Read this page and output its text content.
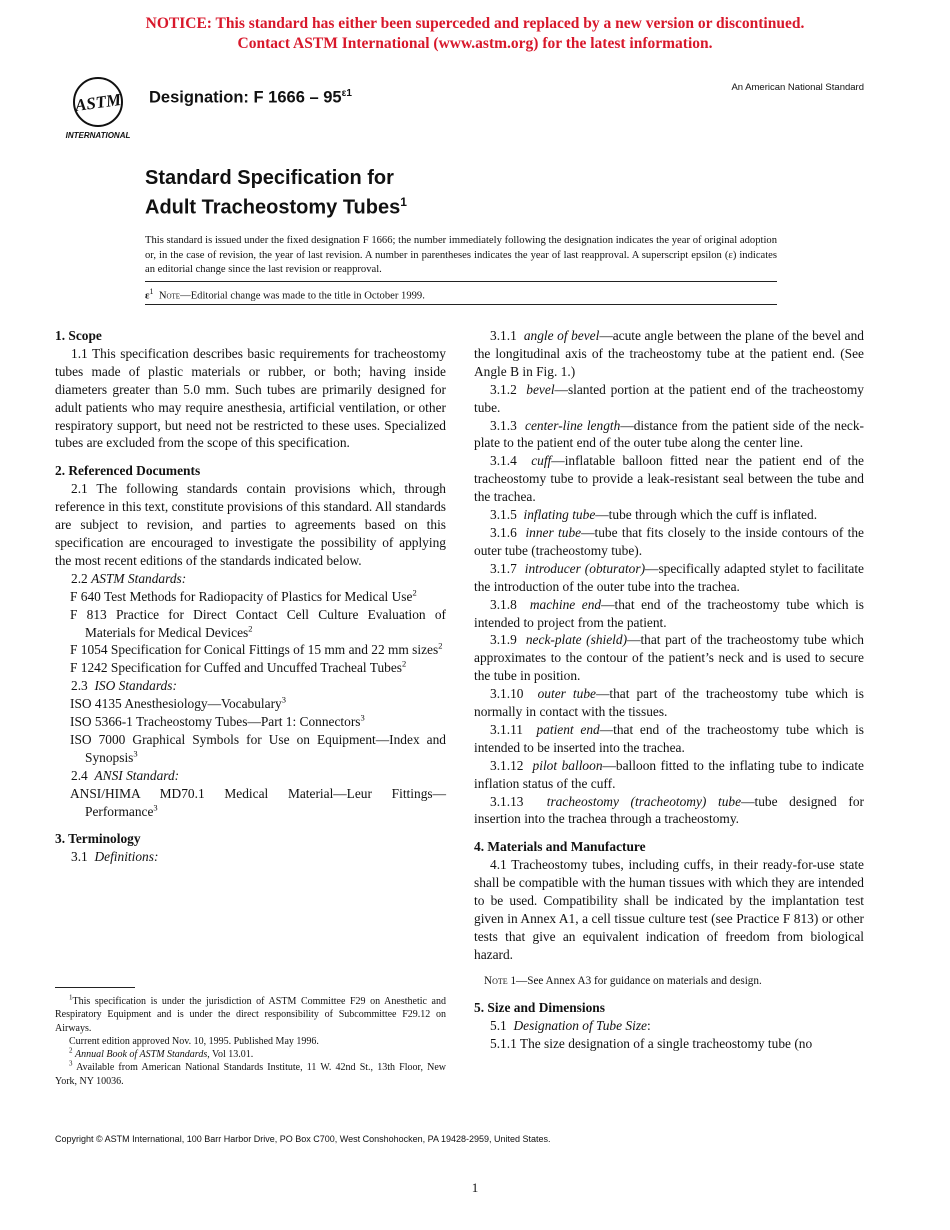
NOTICE: This standard has either been superceded and replaced by a new version or discontinued.
Contact ASTM International (www.astm.org) for the latest information.
ASTM
INTERNATIONAL
Designation: F $1666 - 95^{\varepsilon 1}$
An American National Standard
Standard Specification for
Adult Tracheostomy Tubes$^1$
This standard is issued under the fixed designation F 1666; the number immediately following the designation indicates the year of original adoption or, in the case of revision, the year of last revision. A number in parentheses indicates the year of last reapproval. A superscript epsilon (ε) indicates an editorial change since the last revision or reapproval.
$\varepsilon^1$ Note—Editorial change was made to the title in October 1999.
1. Scope

1.1 This specification describes basic requirements for tracheostomy tubes made of plastic materials or rubber, or both; having inside diameters greater than 5.0 mm. Such tubes are primarily designed for adult patients who may require anesthesia, artificial ventilation, or other respiratory support, but need not be restricted to these uses. Specialized tubes are excluded from the scope of this specification.

2. Referenced Documents

2.1 The following standards contain provisions which, through reference in this text, constitute provisions of this standard. All standards are subject to revision, and parties to agreements based on this specification are encouraged to investigate the possibility of applying the most recent editions of the standards indicated below.

2.2 ASTM Standards:

F 640 Test Methods for Radiopacity of Plastics for Medical Use$^2$

F 813 Practice for Direct Contact Cell Culture Evaluation of Materials for Medical Devices$^2$

F 1054 Specification for Conical Fittings of 15 mm and 22 mm sizes$^2$

F 1242 Specification for Cuffed and Uncuffed Tracheal Tubes$^2$

2.3 ISO Standards:

ISO 4135 Anesthesiology—Vocabulary$^3$

ISO 5366-1 Tracheostomy Tubes—Part 1: Connectors$^3$

ISO 7000 Graphical Symbols for Use on Equipment—Index and Synopsis$^3$

2.4 ANSI Standard:

ANSI/HIMA MD70.1 Medical Material—Leur Fittings—Performance$^3$

3. Terminology

3.1 Definitions:

$^1$This specification is under the jurisdiction of ASTM Committee F29 on Anesthetic and Respiratory Equipment and is under the direct responsibility of Subcommittee F29.12 on Airways.

Current edition approved Nov. 10, 1995. Published May 1996.

$^2$ Annual Book of ASTM Standards, Vol 13.01.

$^3$ Available from American National Standards Institute, 11 W. 42nd St., 13th Floor, New York, NY 10036.

3.1.1 angle of bevel—acute angle between the plane of the bevel and the longitudinal axis of the tracheostomy tube at the patient end. (See Angle B in Fig. 1.)

3.1.2 bevel—slanted portion at the patient end of the tracheostomy tube.

3.1.3 center-line length—distance from the patient side of the neck-plate to the patient end of the outer tube along the center line.

3.1.4 cuff—inflatable balloon fitted near the patient end of the tracheostomy tube to provide a leak-resistant seal between the tube and the trachea.

3.1.5 inflating tube—tube through which the cuff is inflated.

3.1.6 inner tube—tube that fits closely to the inside contours of the outer tube (tracheostomy tube).

3.1.7 introducer (obturator)—specifically adapted stylet to facilitate the introduction of the outer tube into the trachea.

3.1.8 machine end—that end of the tracheostomy tube which is intended to project from the patient.

3.1.9 neck-plate (shield)—that part of the tracheostomy tube which approximates to the contour of the patient’s neck and is used to secure the tube in position.

3.1.10 outer tube—that part of the tracheostomy tube which is normally in contact with the tissues.

3.1.11 patient end—that end of the tracheostomy tube which is intended to be inserted into the trachea.

3.1.12 pilot balloon—balloon fitted to the inflating tube to indicate inflation status of the cuff.

3.1.13 tracheostomy (tracheotomy) tube—tube designed for insertion into the trachea through a tracheostomy.

4. Materials and Manufacture

4.1 Tracheostomy tubes, including cuffs, in their ready-for-use state shall be compatible with the human tissues with which they are intended to be used. Compatibility shall be indicated by the implantation test given in Annex A1, a cell tissue culture test (see Practice F 813) or other tests that give an equivalent indication of freedom from biological hazard.

Note 1—See Annex A3 for guidance on materials and design.

5. Size and Dimensions

5.1 Designation of Tube Size:

5.1.1 The size designation of a single tracheostomy tube (no

Copyright © ASTM International, 100 Barr Harbor Drive, PO Box C700, West Conshohocken, PA 19428-2959, United States.
1
